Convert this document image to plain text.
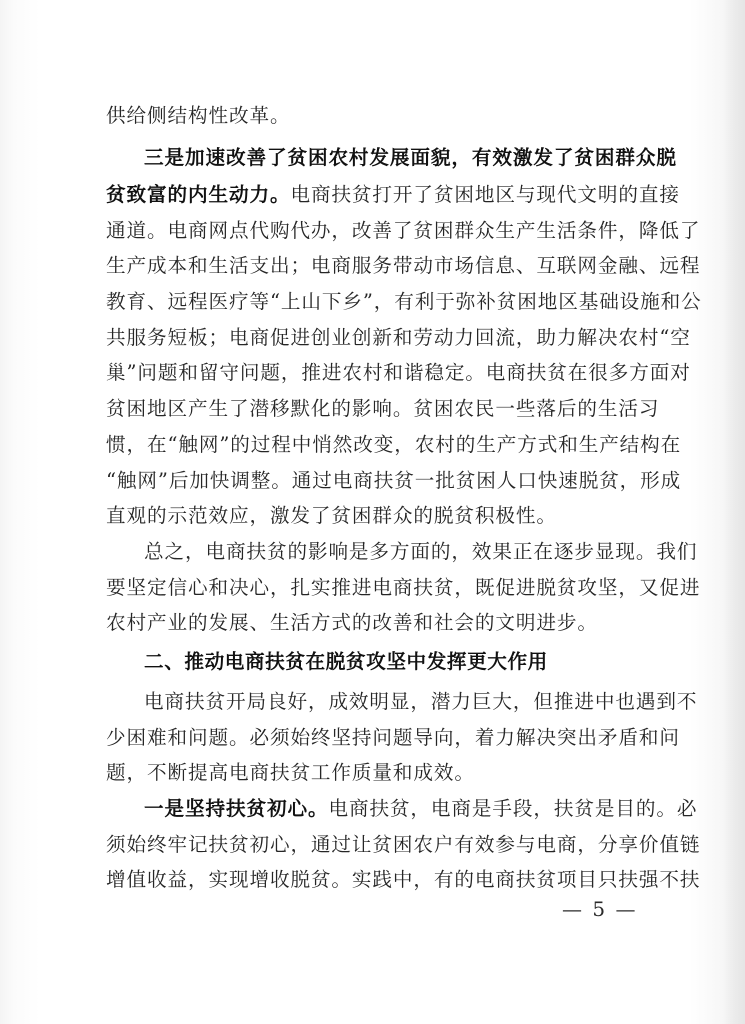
供给侧结构性改革。
三是加速改善了贫困农村发展面貌，有效激发了贫困群众脱
贫致富的内生动力。电商扶贫打开了贫困地区与现代文明的直接
通道。电商网点代购代办，改善了贫困群众生产生活条件，降低了
生产成本和生活支出；电商服务带动市场信息、互联网金融、远程
教育、远程医疗等“上山下乡”，有利于弥补贫困地区基础设施和公
共服务短板；电商促进创业创新和劳动力回流，助力解决农村“空
巢”问题和留守问题，推进农村和谐稳定。电商扶贫在很多方面对
贫困地区产生了潜移默化的影响。贫困农民一些落后的生活习
惯，在“触网”的过程中悄然改变，农村的生产方式和生产结构在
“触网”后加快调整。通过电商扶贫一批贫困人口快速脱贫，形成
直观的示范效应，激发了贫困群众的脱贫积极性。
总之，电商扶贫的影响是多方面的，效果正在逐步显现。我们
要坚定信心和决心，扎实推进电商扶贫，既促进脱贫攻坚，又促进
农村产业的发展、生活方式的改善和社会的文明进步。
二、推动电商扶贫在脱贫攻坚中发挥更大作用
电商扶贫开局良好，成效明显，潜力巨大，但推进中也遇到不
少困难和问题。必须始终坚持问题导向，着力解决突出矛盾和问
题，不断提高电商扶贫工作质量和成效。
— 5 —
一是坚持扶贫初心。电商扶贫，电商是手段，扶贫是目的。必
须始终牢记扶贫初心，通过让贫困农户有效参与电商，分享价值链
增值收益，实现增收脱贫。实践中，有的电商扶贫项目只扶强不扶
